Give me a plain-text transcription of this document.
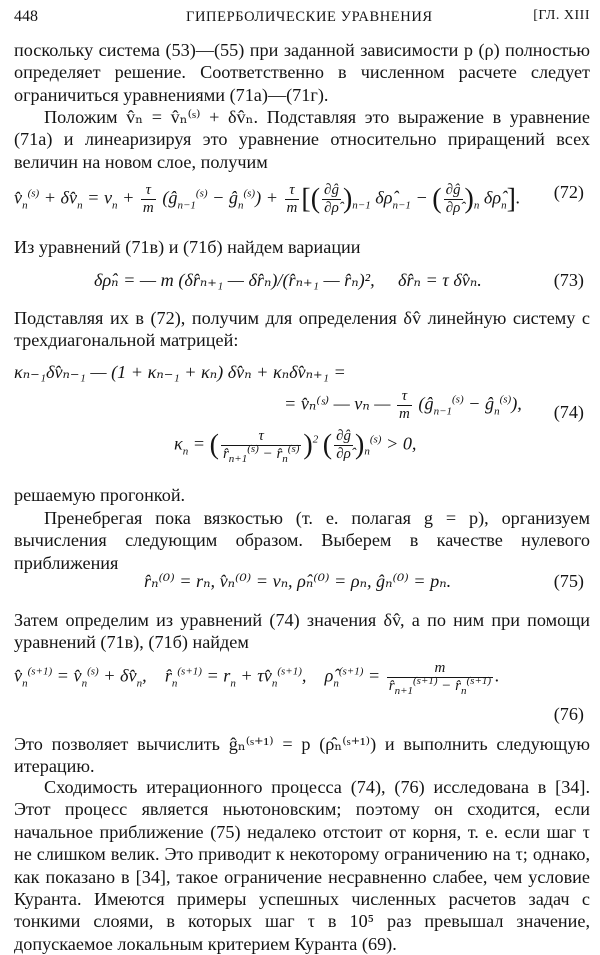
448	ГИПЕРБОЛИЧЕСКИЕ УРАВНЕНИЯ	[ГЛ. XIII
поскольку система (53)—(55) при заданной зависимости p (ρ) полностью определяет решение. Соответственно в численном расчете следует ограничиться уравнениями (71а)—(71г).
Положим v̂ₙ = v̂ₙ⁽ˢ⁾ + δv̂ₙ. Подставляя это выражение в уравнение (71а) и линеаризируя это уравнение относительно приращений всех величин на новом слое, получим
$v̂_n^{(s)}$ + $\delta v̂_n = v_n + \frac{\tau}{m}$ ($ĝ_{n-1}^{(s)}$ − $ĝ_n^{(s)}) + \frac{\tau}{m}$ [( $\frac{\partial ĝ}{\partial\rhô} )_{n-1}$ $\delta\rhô_{n-1}$ − ( $\frac{\partial ĝ}{\partial\rhô} )_n$ $\delta\rhô_n$]. (72)
Из уравнений (71в) и (71б) найдем вариации
δρ̂ₙ = — m (δr̂ₙ₊₁ — δr̂ₙ)/(r̂ₙ₊₁ — r̂ₙ)², δr̂ₙ = τ δv̂ₙ.	(73)
Подставляя их в (72), получим для определения δv̂ линейную систему с трехдиагональной матрицей:
κₙ₋₁δv̂ₙ₋₁ — (1 + κₙ₋₁ + κₙ) δv̂ₙ + κₙδv̂ₙ₊₁ =
= v̂ₙ⁽ˢ⁾ — vₙ — $\frac{\tau}{m}$ ($ĝ_{n-1}^{(s)}$ − $ĝ_n^{(s)}$),
$\kappa_n$ = ( $\frac{\tau}{r̂_{n+1}^{(s)} - r̂_n^{(s)}} )^2$ ( $\frac{\partial ĝ}{\partial\rhô} )_n^{(s)} > 0$,
(74)
решаемую прогонкой.
Пренебрегая пока вязкостью (т. е. полагая g = p), организуем вычисления следующим образом. Выберем в качестве нулевого приближения
r̂ₙ⁽⁰⁾ = rₙ, v̂ₙ⁽⁰⁾ = vₙ, ρ̂ₙ⁽⁰⁾ = ρₙ, ĝₙ⁽⁰⁾ = pₙ.	(75)
Затем определим из уравнений (74) значения δv̂, а по ним при помощи уравнений (71в), (71б) найдем
$v̂_n^{(s+1)}$ = $v̂_n^{(s)}$ + $\delta v̂_n$,    $r̂_n^{(s+1)} = r_n$ + $\tau v̂_n^{(s+1)}$,    $\rhô_n^{(s+1)} = \frac{m}{r̂_{n+1}^{(s+1)} - r̂_n^{(s+1)}}$ .
(76)
Это позволяет вычислить ĝₙ⁽ˢ⁺¹⁾ = p (ρ̂ₙ⁽ˢ⁺¹⁾) и выполнить следующую итерацию.
Сходимость итерационного процесса (74), (76) исследована в [34]. Этот процесс является ньютоновским; поэтому он сходится, если начальное приближение (75) недалеко отстоит от корня, т. е. если шаг τ не слишком велик. Это приводит к некоторому ограничению на τ; однако, как показано в [34], такое ограничение несравненно слабее, чем условие Куранта. Имеются примеры успешных численных расчетов задач с тонкими слоями, в которых шаг τ в 10⁵ раз превышал значение, допускаемое локальным критерием Куранта (69).
